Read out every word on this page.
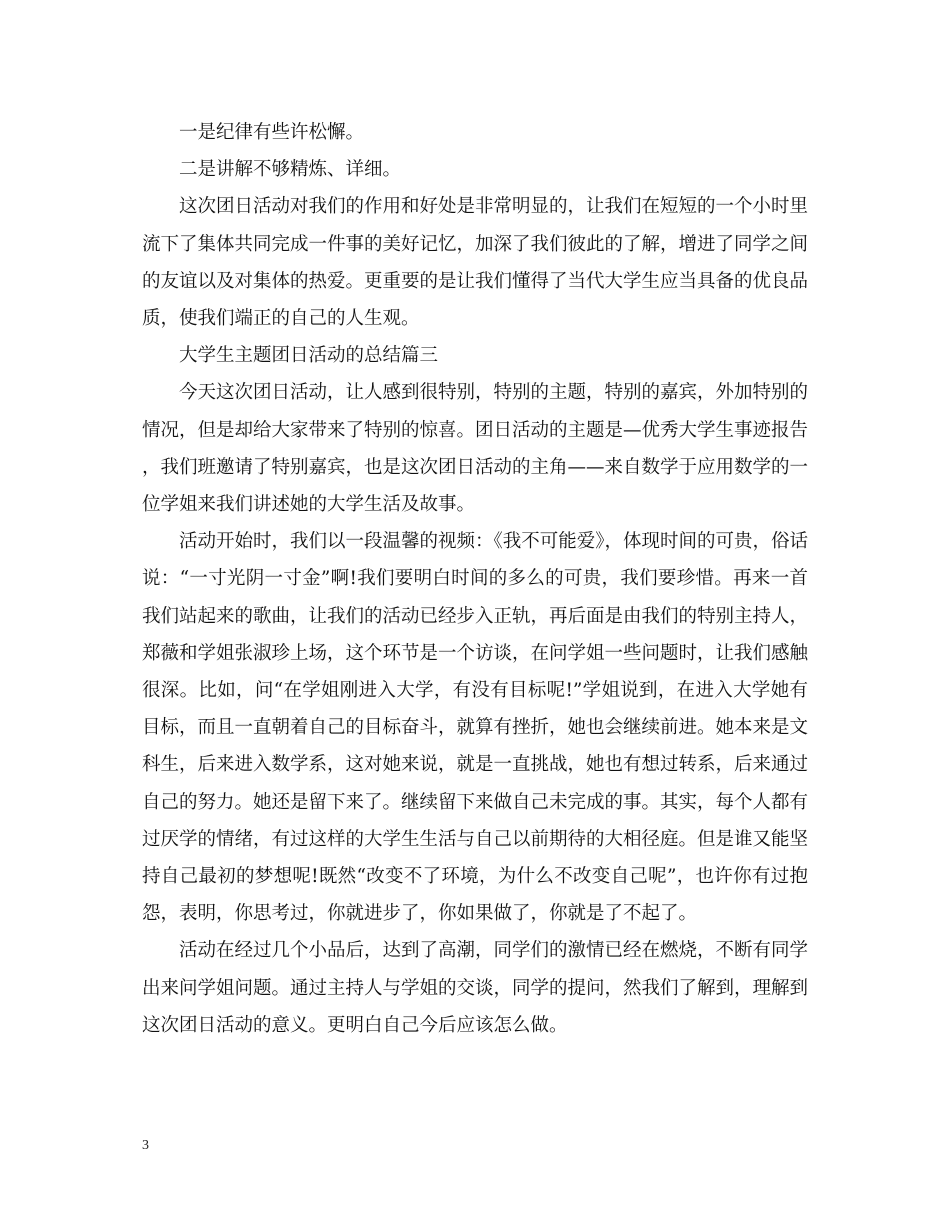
一是纪律有些许松懈。

二是讲解不够精炼、详细。

这次团日活动对我们的作用和好处是非常明显的，让我们在短短的一个小时里流下了集体共同完成一件事的美好记忆，加深了我们彼此的了解，增进了同学之间的友谊以及对集体的热爱。更重要的是让我们懂得了当代大学生应当具备的优良品质，使我们端正的自己的人生观。

大学生主题团日活动的总结篇三

今天这次团日活动，让人感到很特别，特别的主题，特别的嘉宾，外加特别的情况，但是却给大家带来了特别的惊喜。团日活动的主题是—优秀大学生事迹报告，我们班邀请了特别嘉宾，也是这次团日活动的主角——来自数学于应用数学的一位学姐来我们讲述她的大学生活及故事。

活动开始时，我们以一段温馨的视频：《我不可能爱》，体现时间的可贵，俗话说：“一寸光阴一寸金”啊!我们要明白时间的多么的可贵，我们要珍惜。再来一首我们站起来的歌曲，让我们的活动已经步入正轨，再后面是由我们的特别主持人，郑薇和学姐张淑珍上场，这个环节是一个访谈，在问学姐一些问题时，让我们感触很深。比如，问“在学姐刚进入大学，有没有目标呢!”学姐说到，在进入大学她有目标，而且一直朝着自己的目标奋斗，就算有挫折，她也会继续前进。她本来是文科生，后来进入数学系，这对她来说，就是一直挑战，她也有想过转系，后来通过自己的努力。她还是留下来了。继续留下来做自己未完成的事。其实，每个人都有过厌学的情绪，有过这样的大学生生活与自己以前期待的大相径庭。但是谁又能坚持自己最初的梦想呢!既然“改变不了环境，为什么不改变自己呢”，也许你有过抱怨，表明，你思考过，你就进步了，你如果做了，你就是了不起了。

活动在经过几个小品后，达到了高潮，同学们的激情已经在燃烧，不断有同学出来问学姐问题。通过主持人与学姐的交谈，同学的提问，然我们了解到，理解到这次团日活动的意义。更明白自己今后应该怎么做。

3
